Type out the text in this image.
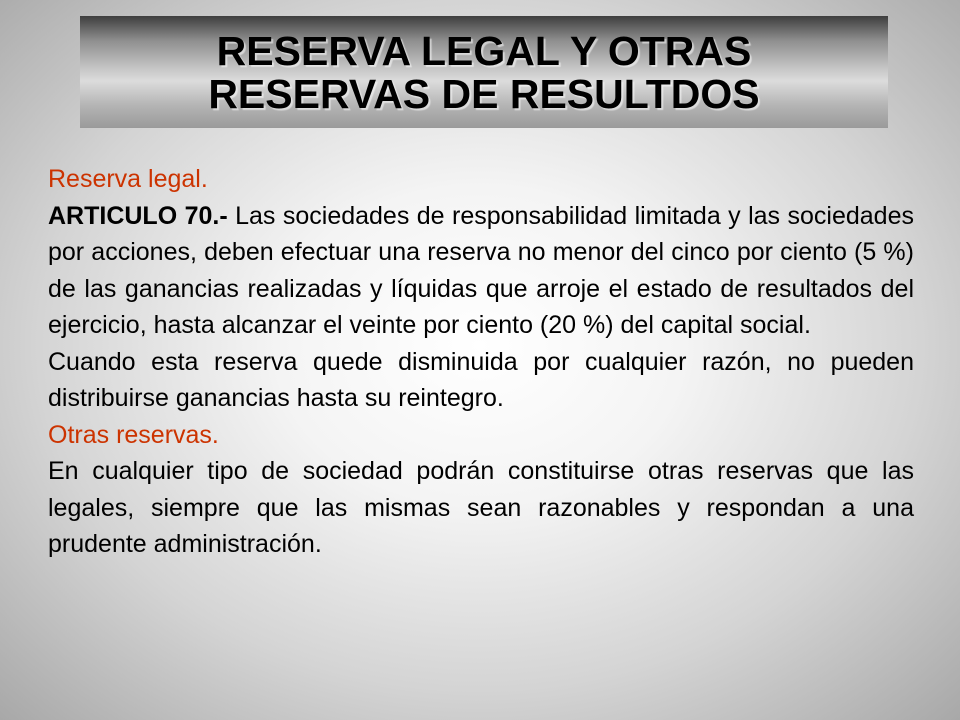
RESERVA LEGAL Y OTRAS
RESERVAS DE RESULTDOS

Reserva legal.

ARTICULO 70.- Las sociedades de responsabilidad limitada y las sociedades por acciones, deben efectuar una reserva no menor del cinco por ciento (5 %) de las ganancias realizadas y líquidas que arroje el estado de resultados del ejercicio, hasta alcanzar el veinte por ciento (20 %) del capital social.

Cuando esta reserva quede disminuida por cualquier razón, no pueden distribuirse ganancias hasta su reintegro.

Otras reservas.

En cualquier tipo de sociedad podrán constituirse otras reservas que las legales, siempre que las mismas sean razonables y respondan a una prudente administración.
